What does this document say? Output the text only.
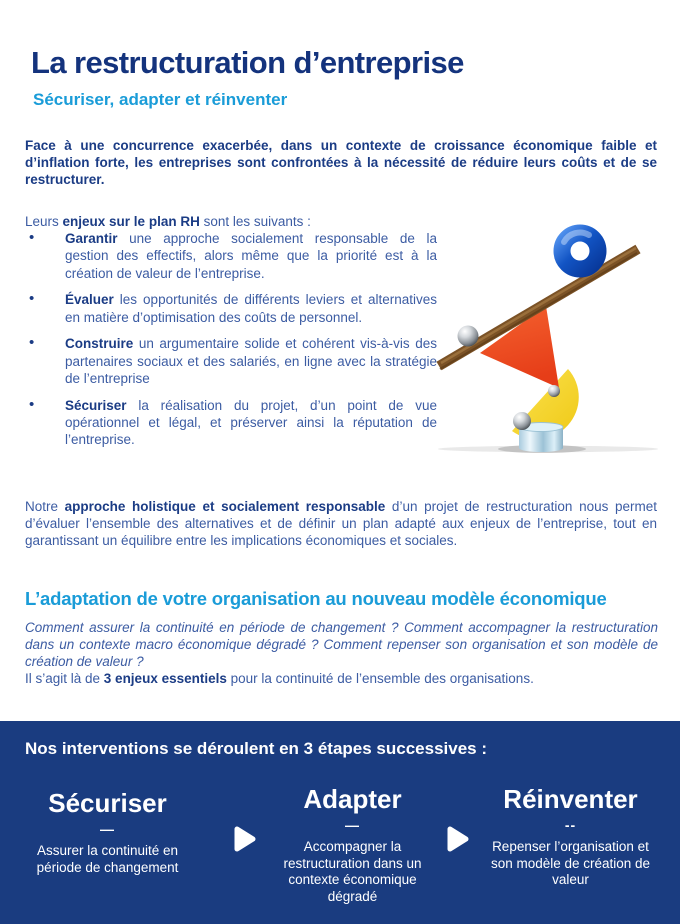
La restructuration d’entreprise
Sécuriser, adapter et réinventer

Face à une concurrence exacerbée, dans un contexte de croissance économique faible et d’inflation forte, les entreprises sont confrontées à la nécessité de réduire leurs coûts et de se restructurer.

Leurs enjeux sur le plan RH sont les suivants :

• Garantir une approche socialement responsable de la gestion des effectifs, alors même que la priorité est à la création de valeur de l’entreprise.
• Évaluer les opportunités de différents leviers et alternatives en matière d’optimisation des coûts de personnel.
• Construire un argumentaire solide et cohérent vis-à-vis des partenaires sociaux et des salariés, en ligne avec la stratégie de l’entreprise
• Sécuriser la réalisation du projet, d’un point de vue opérationnel et légal, et préserver ainsi la réputation de l’entreprise.

Notre approche holistique et socialement responsable d’un projet de restructuration nous permet d’évaluer l’ensemble des alternatives et de définir un plan adapté aux enjeux de l’entreprise, tout en garantissant un équilibre entre les implications économiques et sociales.

L’adaptation de votre organisation au nouveau modèle économique
Comment assurer la continuité en période de changement ? Comment accompagner la restructuration dans un contexte macro économique dégradé ? Comment repenser son organisation et son modèle de création de valeur ?
Il s’agit là de 3 enjeux essentiels pour la continuité de l’ensemble des organisations.
Nos interventions se déroulent en 3 étapes successives :
Sécuriser
—
Assurer la continuité en période de changement
Adapter
—
Accompagner la restructuration dans un contexte économique dégradé
Réinventer
--
Repenser l’organisation et son modèle de création de valeur
